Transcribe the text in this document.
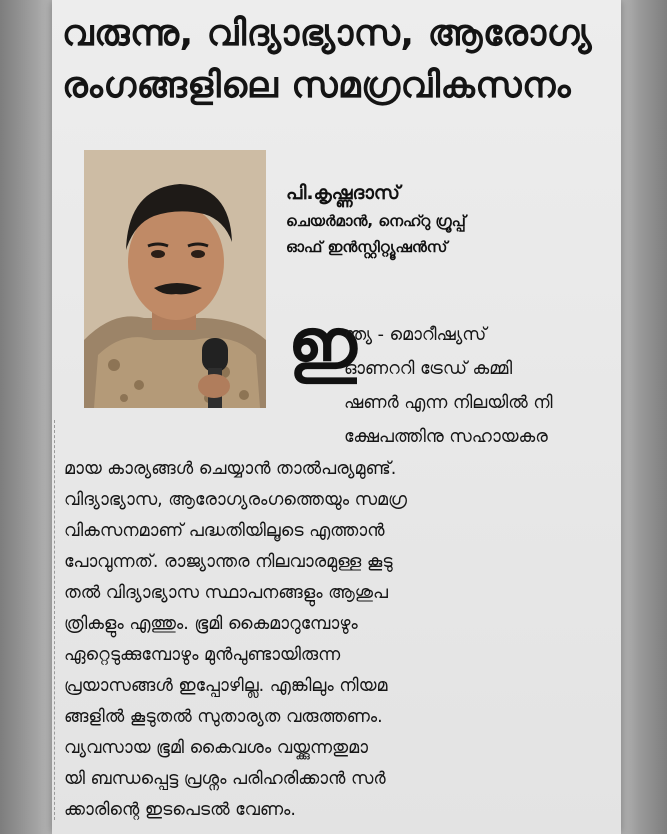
വരുന്നു, വിദ്യാഭ്യാസ, ആരോഗ്യ
രംഗങ്ങളിലെ സമഗ്രവികസനം
പി.കൃഷ്ണദാസ്
ചെയർമാൻ, നെഹ്റു ഗ്രൂപ്പ്
ഓഫ് ഇൻസ്റ്റിറ്റ്യൂഷൻസ്
ഇ
ന്ത്യ - മൊറീഷ്യസ്
ഓണററി ട്രേഡ് കമ്മി
ഷണർ എന്ന നിലയിൽ നി
ക്ഷേപത്തിനു സഹായകര
മായ കാര്യങ്ങൾ ചെയ്യാൻ താൽപര്യമുണ്ട്.
വിദ്യാഭ്യാസ, ആരോഗ്യരംഗത്തെയും സമഗ്ര
വികസനമാണ് പദ്ധതിയിലൂടെ എത്താൻ
പോവുന്നത്. രാജ്യാന്തര നിലവാരമുള്ള കൂടു
തൽ വിദ്യാഭ്യാസ സ്ഥാപനങ്ങളും ആശുപ
ത്രികളും എത്തും. ഭൂമി കൈമാറുമ്പോഴും
ഏറ്റെടുക്കുമ്പോഴും മുൻപുണ്ടായിരുന്ന
പ്രയാസങ്ങൾ ഇപ്പോഴില്ല. എങ്കിലും നിയമ
ങ്ങളിൽ കൂടുതൽ സുതാര്യത വരുത്തണം.
വ്യവസായ ഭൂമി കൈവശം വയ്ക്കുന്നതുമാ
യി ബന്ധപ്പെട്ട പ്രശ്നം പരിഹരിക്കാൻ സർ
ക്കാരിന്റെ ഇടപെടൽ വേണം.
